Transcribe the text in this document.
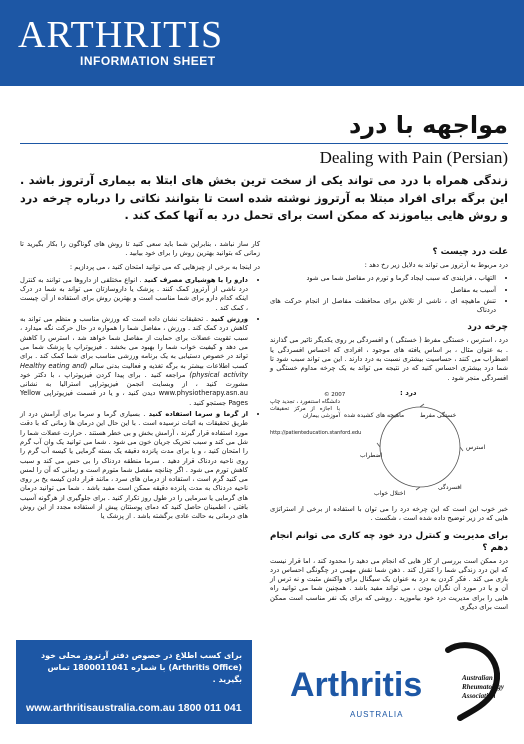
ARTHRITIS
INFORMATION SHEET
مواجهه با درد
Dealing with Pain (Persian)
زندگی همراه با درد می تواند یکی از سخت ترین بخش های ابتلا به بیماری آرتروز باشد . این برگه برای افراد مبتلا به آرتروز نوشته شده است تا بتوانند نکاتی را درباره چرخه درد و روش هایی بیاموزند که ممکن است برای تحمل درد به آنها کمک کند .
علت درد چیست ؟
درد مربوط به آرتروز می تواند به دلایل زیر رخ دهد :
• التهاب ، فرایندی که سبب ایجاد گرما و تورم در مفاصل شما می شود
• آسیب به مفاصل
• تنش ماهیچه ای ، ناشی از تلاش برای محافظت مفاصل از انجام حرکت های دردناک
چرخه درد
درد ، استرس ، خستگی مفرط ( خستگی ) و افسردگی بر روی یکدیگر تاثیر می گذارند . به عنوان مثال ، بر اساس یافته های موجود ، افرادی که احساس افسردگی یا اضطراب می کنند ، حساسیت بیشتری نسبت به درد دارند . این می تواند سبب شود تا شما درد بیشتری احساس کنید که در نتیجه می تواند به یک چرخه مداوم خستگی و افسردگی منجر شود .
درد :
خستگی مفرط
ماهیچه های کشیده شده
استرس
اضطراب
افسردگی
اختلال خواب
© 2007
دانشگاه استنفورد ، تجدید چاپ با اجازه از مرکز تحقیقات آموزشی بیماران
http://patienteducation.stanford.edu
خبر خوب این است که این چرخه درد را می توان با استفاده از برخی از استراتژی هایی که در زیر توضیح داده شده است ، شکست .
برای مدیریت و کنترل درد خود چه کاری می توانم انجام دهم ؟
درد ممکن است بررسی از کار هایی که انجام می دهید را محدود کند ، اما قرار نیست که این درد زندگی شما را کنترل کند . ذهن شما نقش مهمی در چگونگی احساس درد بازی می کند . فکر کردن به درد به عنوان یک سیگنال برای واکنش مثبت و نه ترس از آن و یا در مورد آن نگران بودن ، می تواند مفید باشد . همچنین شما می توانید راه هایی را برای مدیریت درد خود بیاموزید . روشی که برای یک نفر مناسب است ممکن است برای دیگری
کار ساز نباشد ، بنابراین شما باید سعی کنید تا روش های گوناگون را بکار بگیرید تا زمانی که بتوانید بهترین روش را برای خود بیابید .
در اینجا به برخی از چیزهایی که می توانید امتحان کنید ، می پردازیم :
• دارو را با هوشیاری مصرف کنید . انواع مختلفی از داروها می توانند به کنترل درد ناشی از آرتروز کمک کنند . پزشک یا داروسازتان می تواند به شما در درک اینکه کدام دارو برای شما مناسب است و بهترین روش برای استفاده از آن چیست ، کمک کند .
• ورزش کنید . تحقیقات نشان داده است که ورزش مناسب و منظم می تواند به کاهش درد کمک کند . ورزش ، مفاصل شما را همواره در حال حرکت نگه میدارد ، سبب تقویت عضلات برای حمایت از مفاصل شما خواهد شد ، استرس را کاهش می دهد و کیفیت خواب شما را بهبود می بخشد . فیزیوتراپ یا پزشک شما می تواند در خصوص دستیابی به یک برنامه ورزشی مناسب برای شما کمک کند . برای کسب اطلاعات بیشتر به برگه تغذیه و فعالیت بدنی سالم (Healthy eating and physical activity) مراجعه کنید . برای پیدا کردن فیزیوتراپ ، با دکتر خود مشورت کنید ، از وبسایت انجمن فیزیوتراپی استرالیا به نشانی www.physiotherapy.asn.au دیدن کنید ، و یا در قسمت فیزیوتراپی Yellow Pages جستجو کنید .
• از گرما و سرما استفاده کنید . بسیاری گرما و سرما برای آرامش درد از طریق تحقیقات به اثبات نرسیده است . با این حال این درمان ها زمانی که با دقت مورد استفاده قرار گیرند ، آرامش بخش و بی خطر هستند . حرارت عضلات شما را شل می کند و سبب تحریک جریان خون می شود . شما می توانید یک وان آب گرم را امتحان کنید ، و یا برای مدت پانزده دقیقه یک بسته گرمایی یا کیسه آب گرم را روی ناحیه دردناک قرار دهید . سرما منطقه دردناک را بی حس می کند و سبب کاهش تورم می شود . اگر چنانچه مفصل شما متورم است و زمانی که آن را لمس می کنید گرم است ، استفاده از درمان های سرد ، مانند قرار دادن کیسه یخ بر روی ناحیه دردناک به مدت پانزده دقیقه ممکن است مفید باشد . شما می توانید درمان های گرمایی یا سرمایی را در طول روز تکرار کنید . برای جلوگیری از هرگونه آسیب بافتی ، اطمینان حاصل کنید که دمای پوستتان پیش از استفاده مجدد از این روش های درمانی به حالت عادی برگشته باشد . از پزشک یا
برای کسب اطلاع در خصوص دفتر آرتروز محلی خود
(Arthritis Office) با شماره 1800011041 تماس بگیرید .
www.arthritisaustralia.com.au 1800 011 041
Arthritis
AUSTRALIA
Australian
Rheumatology
Association
